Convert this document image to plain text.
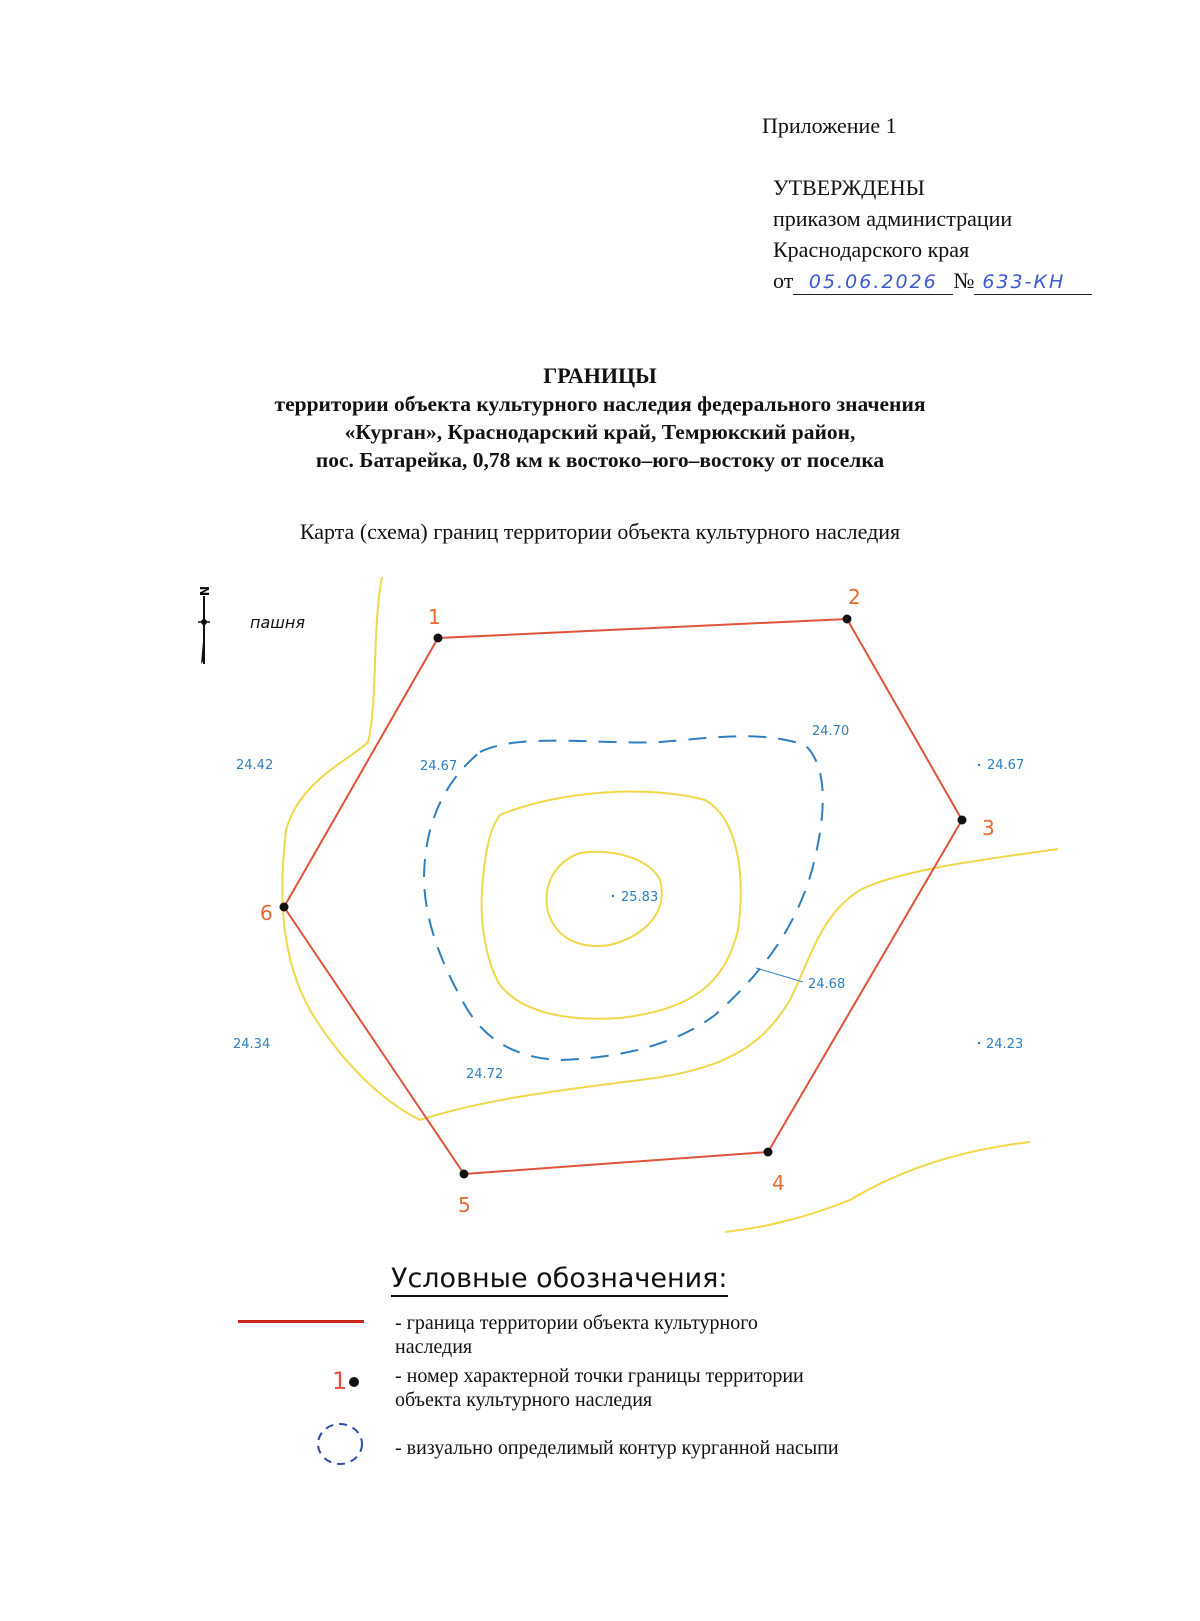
Приложение 1
УТВЕРЖДЕНЫ
приказом администрации
Краснодарского края
от 05.06.2026 № 633-КН
ГРАНИЦЫ
территории объекта культурного наследия федерального значения
«Курган», Краснодарский край, Темрюкский район,
пос. Батарейка, 0,78 км к востоко–юго–востоку от поселка
Карта (схема) границ территории объекта культурного наследия
N
пашня	1
2
3
4
5
6
24.42	24.67
24.70
24.67
25.83
24.68
24.34
24.72
24.23
Условные обозначения:
- граница территории объекта культурного
наследия
1 - номер характерной точки границы территории
объекта культурного наследия
- визуально определимый контур курганной насыпи
